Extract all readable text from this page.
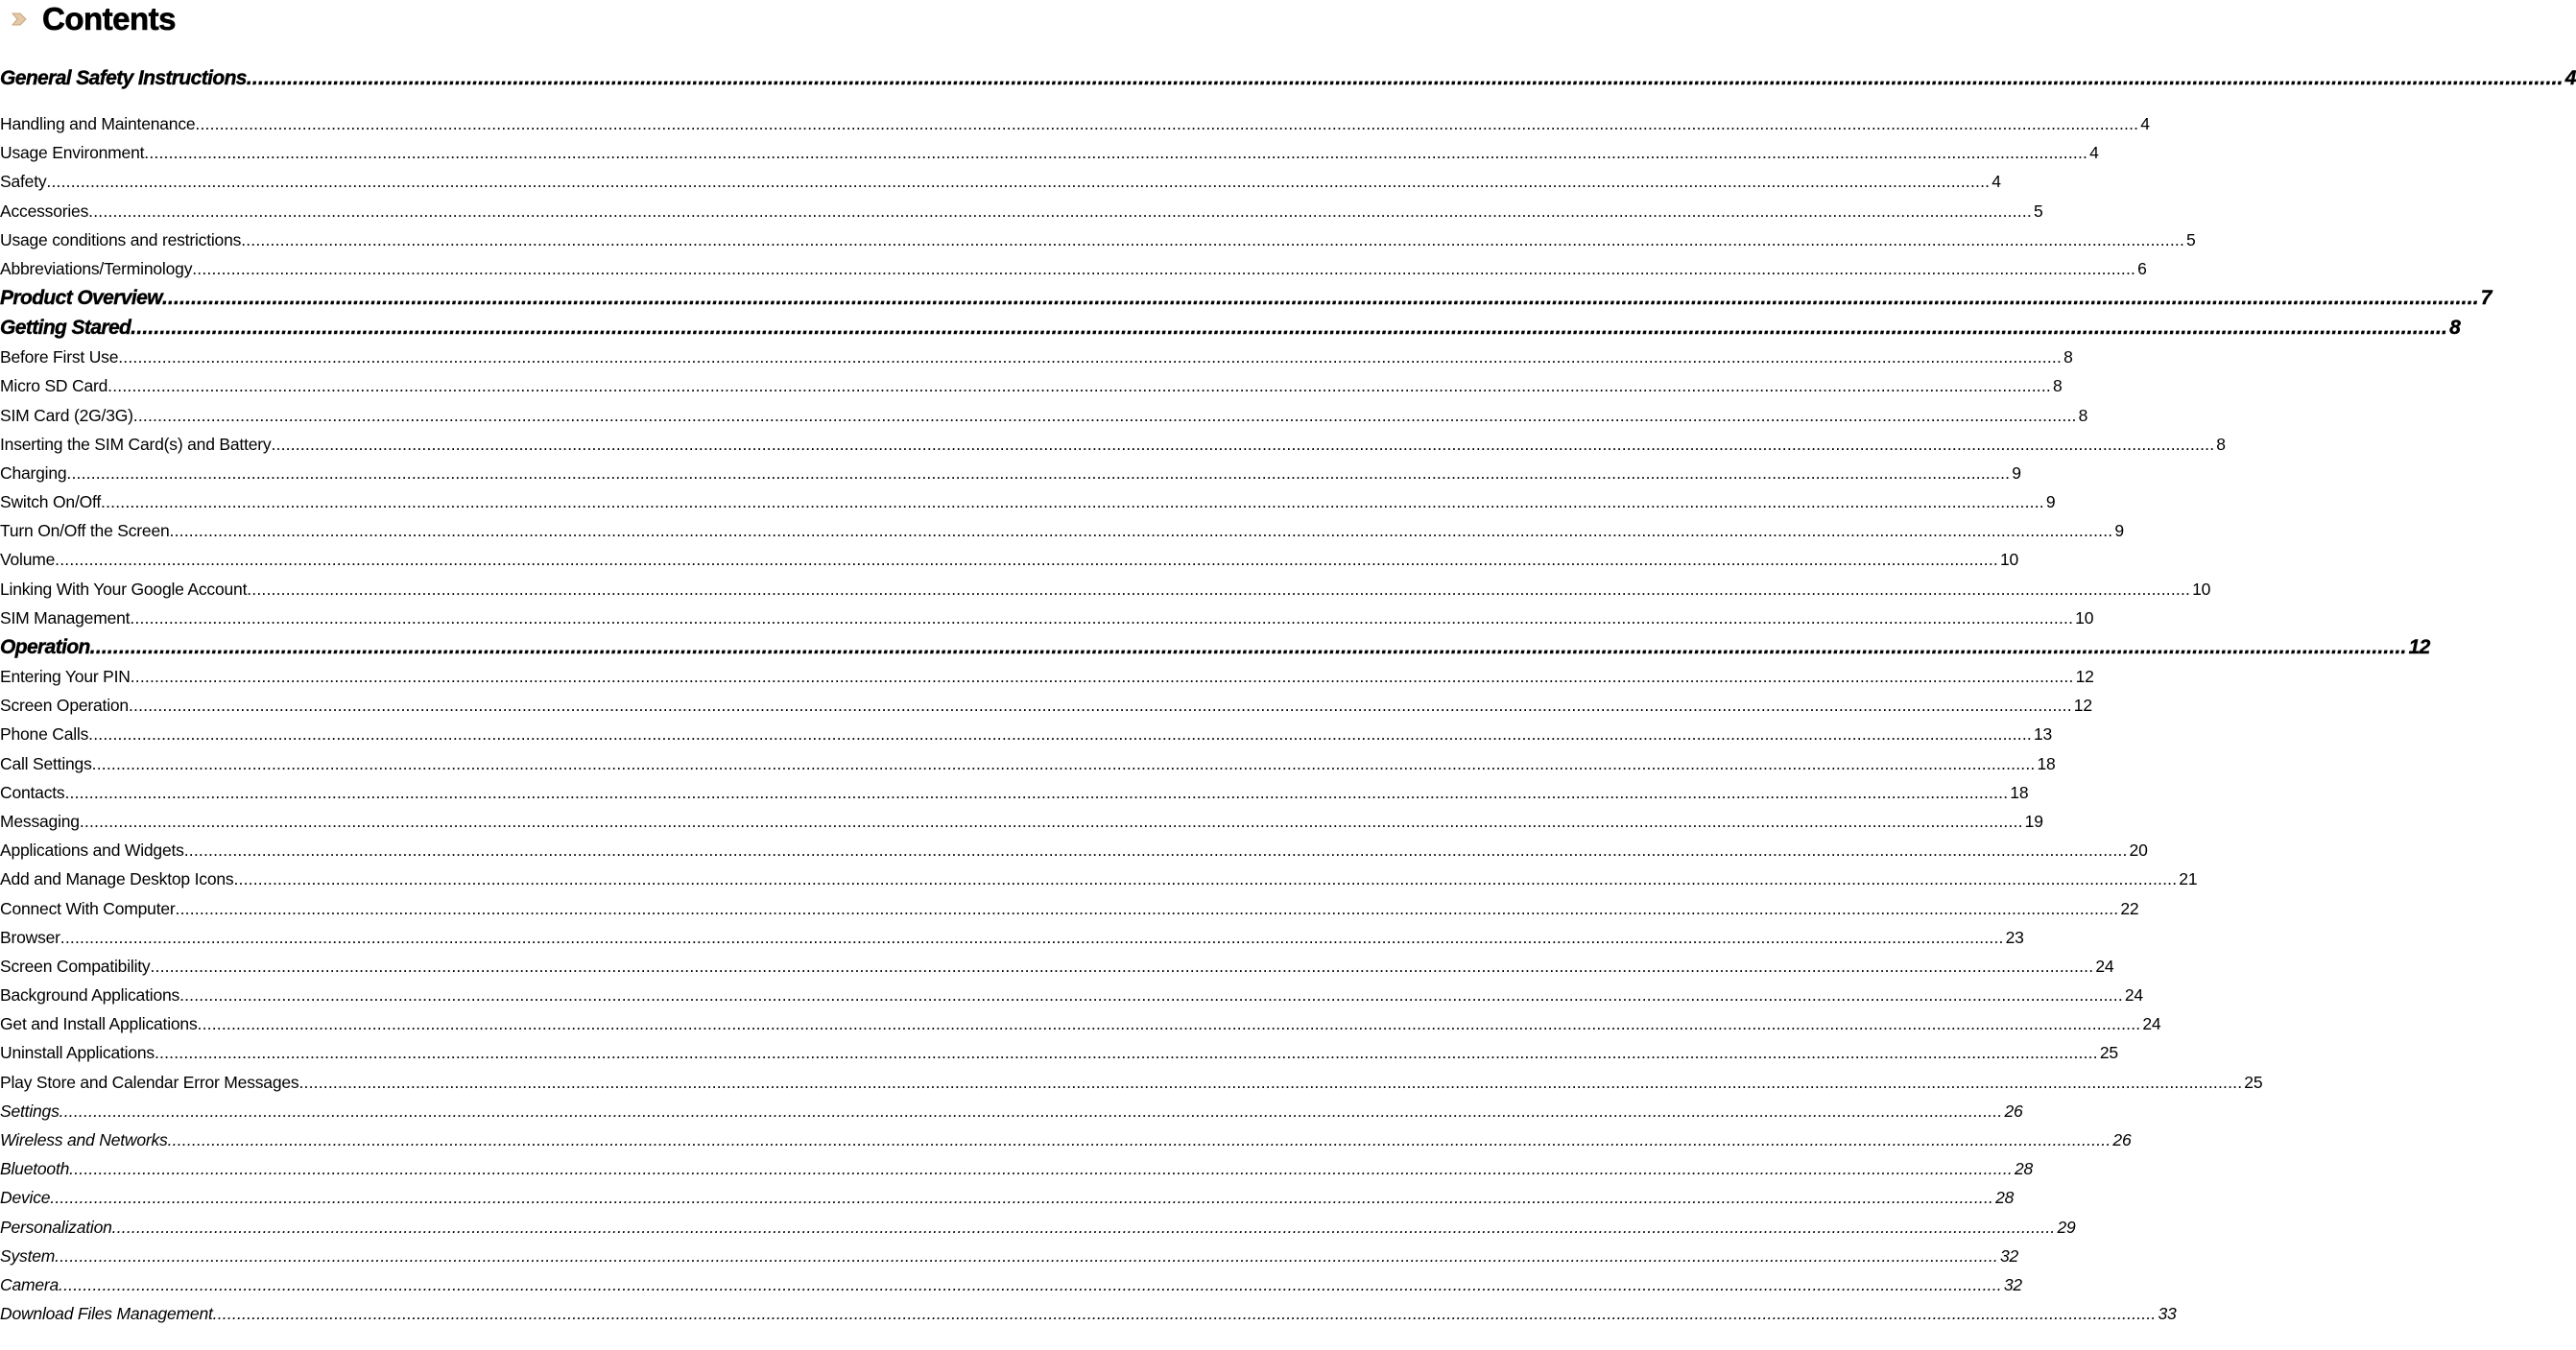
Contents
General Safety Instructions ................................................................................................................................................................................................................................................................................................................................................................................................................ 4
Handling and Maintenance ................................................................................................................................................................................................................................................................................................................................................................................................................ 4
Usage Environment ................................................................................................................................................................................................................................................................................................................................................................................................................ 4
Safety ................................................................................................................................................................................................................................................................................................................................................................................................................ 4
Accessories ................................................................................................................................................................................................................................................................................................................................................................................................................ 5
Usage conditions and restrictions ................................................................................................................................................................................................................................................................................................................................................................................................................ 5
Abbreviations/Terminology ................................................................................................................................................................................................................................................................................................................................................................................................................ 6
Product Overview ................................................................................................................................................................................................................................................................................................................................................................................................................ 7
Getting Stared ................................................................................................................................................................................................................................................................................................................................................................................................................ 8
Before First Use ................................................................................................................................................................................................................................................................................................................................................................................................................ 8
Micro SD Card ................................................................................................................................................................................................................................................................................................................................................................................................................ 8
SIM Card (2G/3G) ................................................................................................................................................................................................................................................................................................................................................................................................................ 8
Inserting the SIM Card(s) and Battery ................................................................................................................................................................................................................................................................................................................................................................................................................ 8
Charging ................................................................................................................................................................................................................................................................................................................................................................................................................ 9
Switch On/Off ................................................................................................................................................................................................................................................................................................................................................................................................................ 9
Turn On/Off the Screen ................................................................................................................................................................................................................................................................................................................................................................................................................ 9
Volume ................................................................................................................................................................................................................................................................................................................................................................................................................ 10
Linking With Your Google Account ................................................................................................................................................................................................................................................................................................................................................................................................................ 10
SIM Management ................................................................................................................................................................................................................................................................................................................................................................................................................ 10
Operation ................................................................................................................................................................................................................................................................................................................................................................................................................ 12
Entering Your PIN ................................................................................................................................................................................................................................................................................................................................................................................................................ 12
Screen Operation ................................................................................................................................................................................................................................................................................................................................................................................................................ 12
Phone Calls ................................................................................................................................................................................................................................................................................................................................................................................................................ 13
Call Settings ................................................................................................................................................................................................................................................................................................................................................................................................................ 18
Contacts ................................................................................................................................................................................................................................................................................................................................................................................................................ 18
Messaging ................................................................................................................................................................................................................................................................................................................................................................................................................ 19
Applications and Widgets ................................................................................................................................................................................................................................................................................................................................................................................................................ 20
Add and Manage Desktop Icons ................................................................................................................................................................................................................................................................................................................................................................................................................ 21
Connect With Computer ................................................................................................................................................................................................................................................................................................................................................................................................................ 22
Browser ................................................................................................................................................................................................................................................................................................................................................................................................................ 23
Screen Compatibility ................................................................................................................................................................................................................................................................................................................................................................................................................ 24
Background Applications ................................................................................................................................................................................................................................................................................................................................................................................................................ 24
Get and Install Applications ................................................................................................................................................................................................................................................................................................................................................................................................................ 24
Uninstall Applications ................................................................................................................................................................................................................................................................................................................................................................................................................ 25
Play Store and Calendar Error Messages ................................................................................................................................................................................................................................................................................................................................................................................................................ 25
Settings ................................................................................................................................................................................................................................................................................................................................................................................................................ 26
Wireless and Networks ................................................................................................................................................................................................................................................................................................................................................................................................................ 26
Bluetooth ................................................................................................................................................................................................................................................................................................................................................................................................................ 28
Device ................................................................................................................................................................................................................................................................................................................................................................................................................ 28
Personalization ................................................................................................................................................................................................................................................................................................................................................................................................................ 29
System ................................................................................................................................................................................................................................................................................................................................................................................................................ 32
Camera ................................................................................................................................................................................................................................................................................................................................................................................................................ 32
Download Files Management ................................................................................................................................................................................................................................................................................................................................................................................................................ 33
